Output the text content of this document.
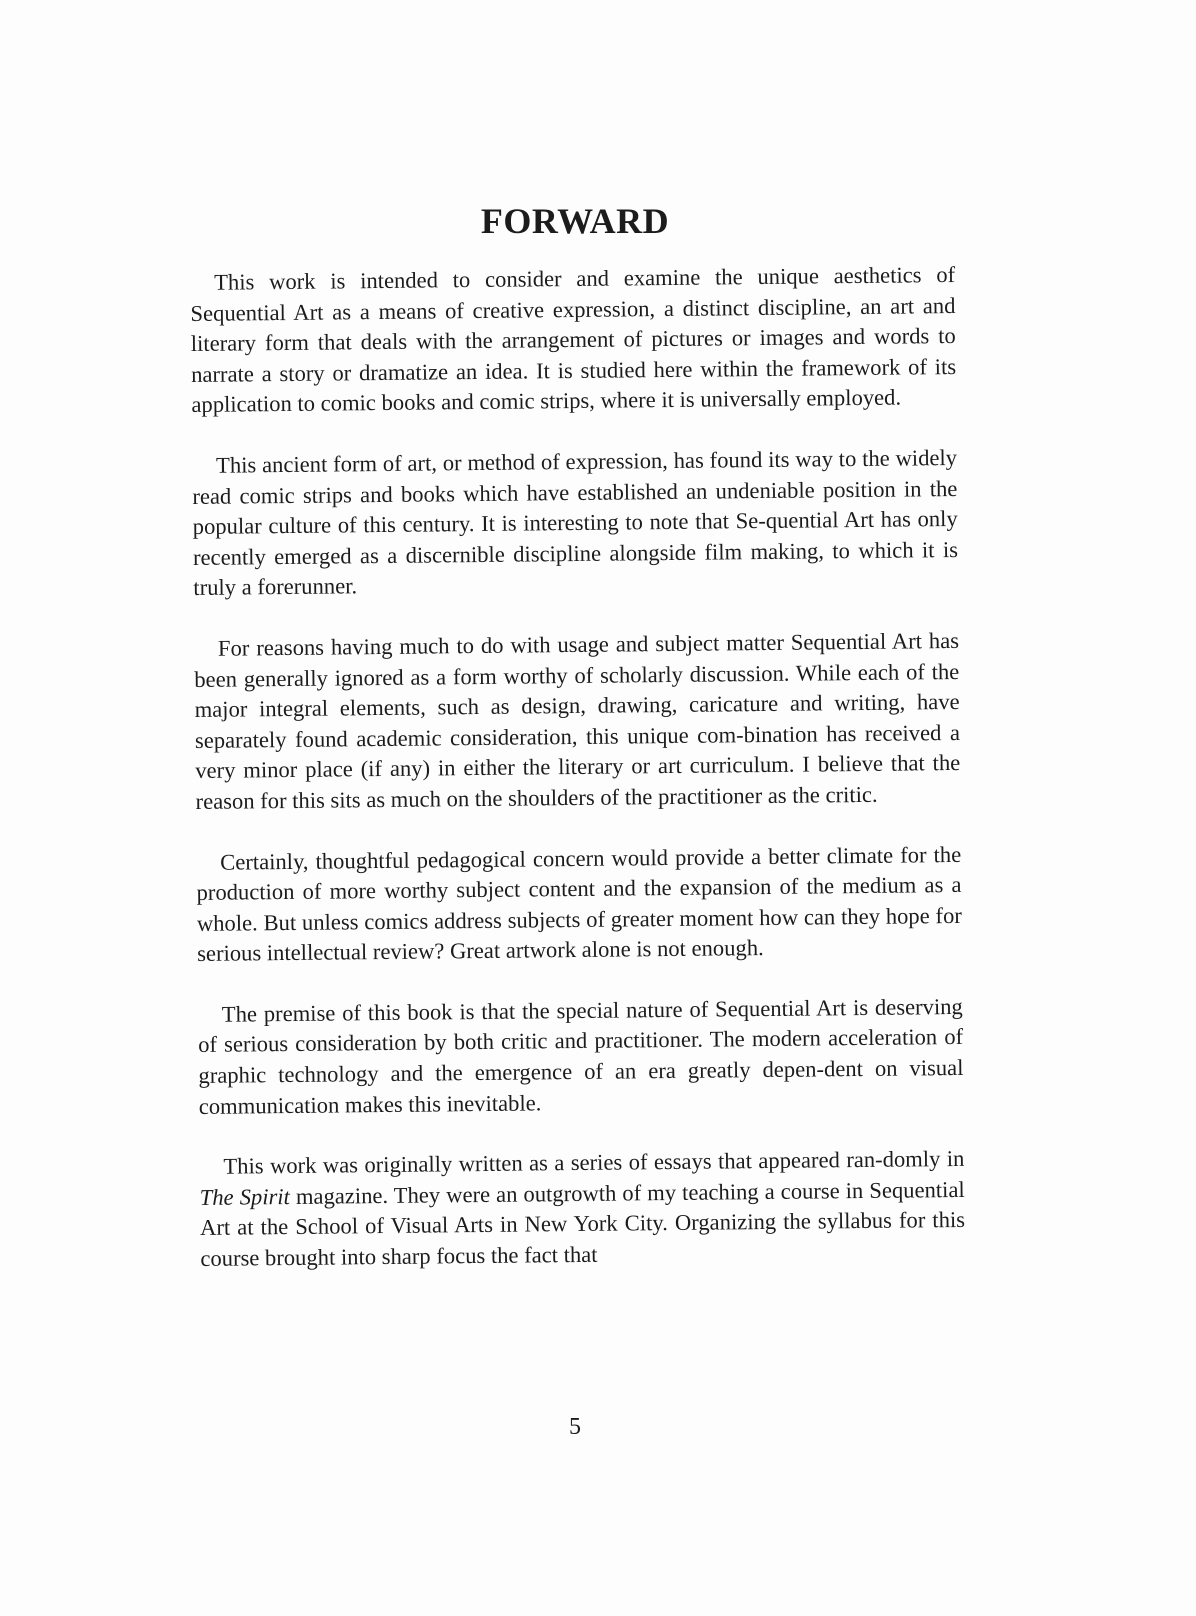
FORWARD

This work is intended to consider and examine the unique aesthetics of Sequential Art as a means of creative expression, a distinct discipline, an art and literary form that deals with the arrangement of pictures or images and words to narrate a story or dramatize an idea. It is studied here within the framework of its application to comic books and comic strips, where it is universally employed.

This ancient form of art, or method of expression, has found its way to the widely read comic strips and books which have established an undeniable position in the popular culture of this century. It is interesting to note that Se-quential Art has only recently emerged as a discernible discipline alongside film making, to which it is truly a forerunner.

For reasons having much to do with usage and subject matter Sequential Art has been generally ignored as a form worthy of scholarly discussion. While each of the major integral elements, such as design, drawing, caricature and writing, have separately found academic consideration, this unique com-bination has received a very minor place (if any) in either the literary or art curriculum. I believe that the reason for this sits as much on the shoulders of the practitioner as the critic.

Certainly, thoughtful pedagogical concern would provide a better climate for the production of more worthy subject content and the expansion of the medium as a whole. But unless comics address subjects of greater moment how can they hope for serious intellectual review? Great artwork alone is not enough.

The premise of this book is that the special nature of Sequential Art is deserving of serious consideration by both critic and practitioner. The modern acceleration of graphic technology and the emergence of an era greatly depen-dent on visual communication makes this inevitable.

This work was originally written as a series of essays that appeared ran-domly in The Spirit magazine. They were an outgrowth of my teaching a course in Sequential Art at the School of Visual Arts in New York City. Organizing the syllabus for this course brought into sharp focus the fact that

5
